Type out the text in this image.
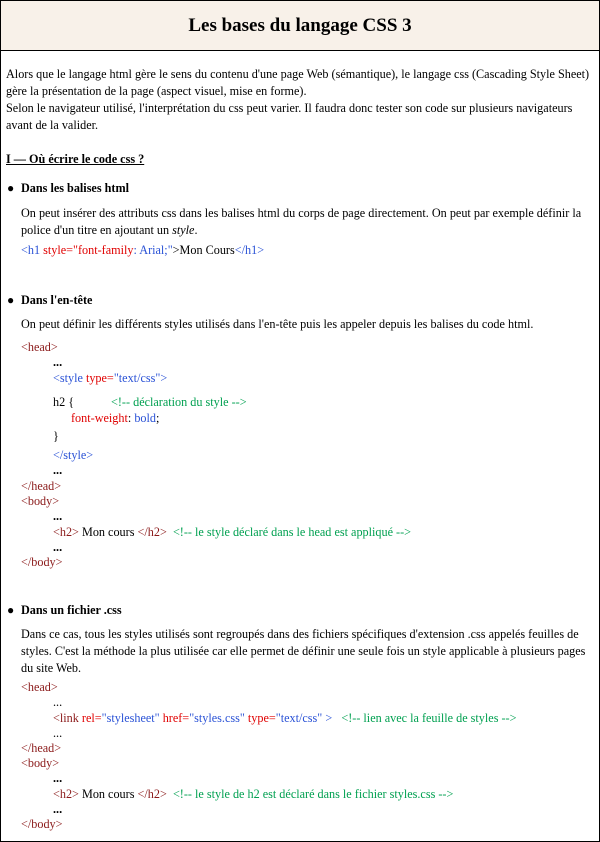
Les bases du langage CSS 3
Alors que le langage html gère le sens du contenu d'une page Web (sémantique), le langage css (Cascading Style Sheet) gère la présentation de la page (aspect visuel, mise en forme).
Selon le navigateur utilisé, l'interprétation du css peut varier. Il faudra donc tester son code sur plusieurs navigateurs avant de la valider.
I — Où écrire le code css ?
● Dans les balises html
On peut insérer des attributs css dans les balises html du corps de page directement. On peut par exemple définir la police d'un titre en ajoutant un style.
<h1 style="font-family: Arial;">Mon Cours</h1>
● Dans l'en-tête
On peut définir les différents styles utilisés dans l'en-tête puis les appeler depuis les balises du code html.
<head>
...
<style type="text/css">
h2 {	<!-- déclaration du style -->
font-weight: bold;
}
</style>
...
</head>
<body>
...
<h2> Mon cours </h2> <!-- le style déclaré dans le head est appliqué -->
...
</body>
● Dans un fichier .css
Dans ce cas, tous les styles utilisés sont regroupés dans des fichiers spécifiques d'extension .css appelés feuilles de styles. C'est la méthode la plus utilisée car elle permet de définir une seule fois un style applicable à plusieurs pages du site Web.
<head>
...
<link rel="stylesheet" href="styles.css" type="text/css" > <!-- lien avec la feuille de styles -->
...
</head>
<body>
...
<h2> Mon cours </h2> <!-- le style de h2 est déclaré dans le fichier styles.css -->
...
</body>
